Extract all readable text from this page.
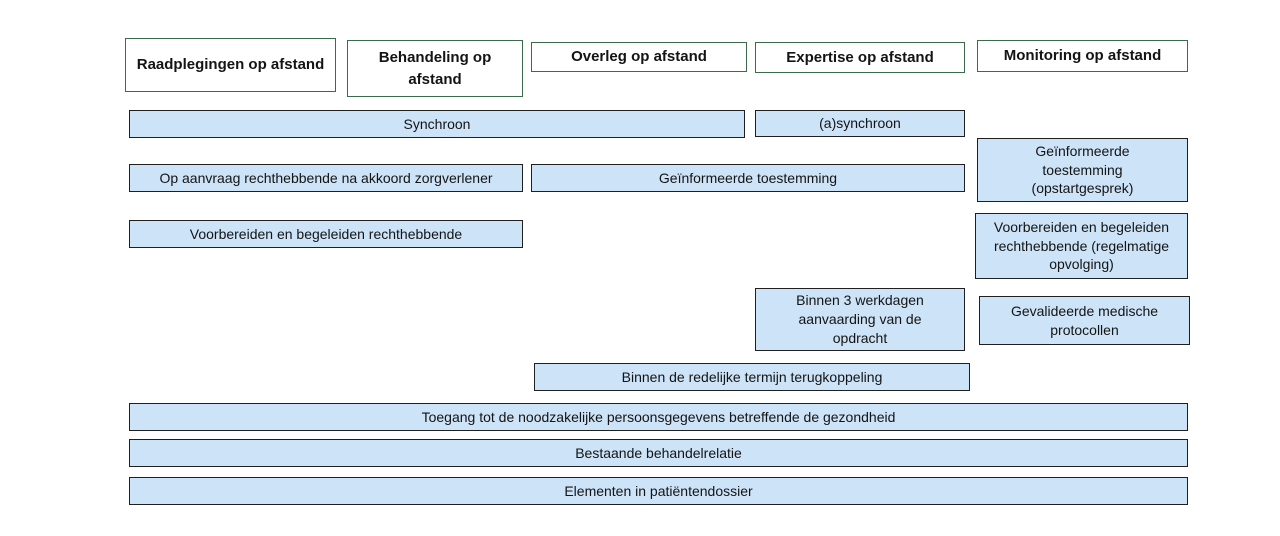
Raadplegingen op afstand	Behandeling op afstand
Overleg op afstand	Expertise op afstand	Monitoring op afstand
Synchroon	(a)synchroon
Op aanvraag rechthebbende na akkoord zorgverlener	Geïnformeerde toestemming
Geïnformeerde toestemming (opstartgesprek)
Voorbereiden en begeleiden rechthebbende	Voorbereiden en begeleiden rechthebbende (regelmatige opvolging)
Binnen 3 werkdagen aanvaarding van de opdracht
Gevalideerde medische protocollen
Binnen de redelijke termijn terugkoppeling
Toegang tot de noodzakelijke persoonsgegevens betreffende de gezondheid
Bestaande behandelrelatie
Elementen in patiëntendossier
